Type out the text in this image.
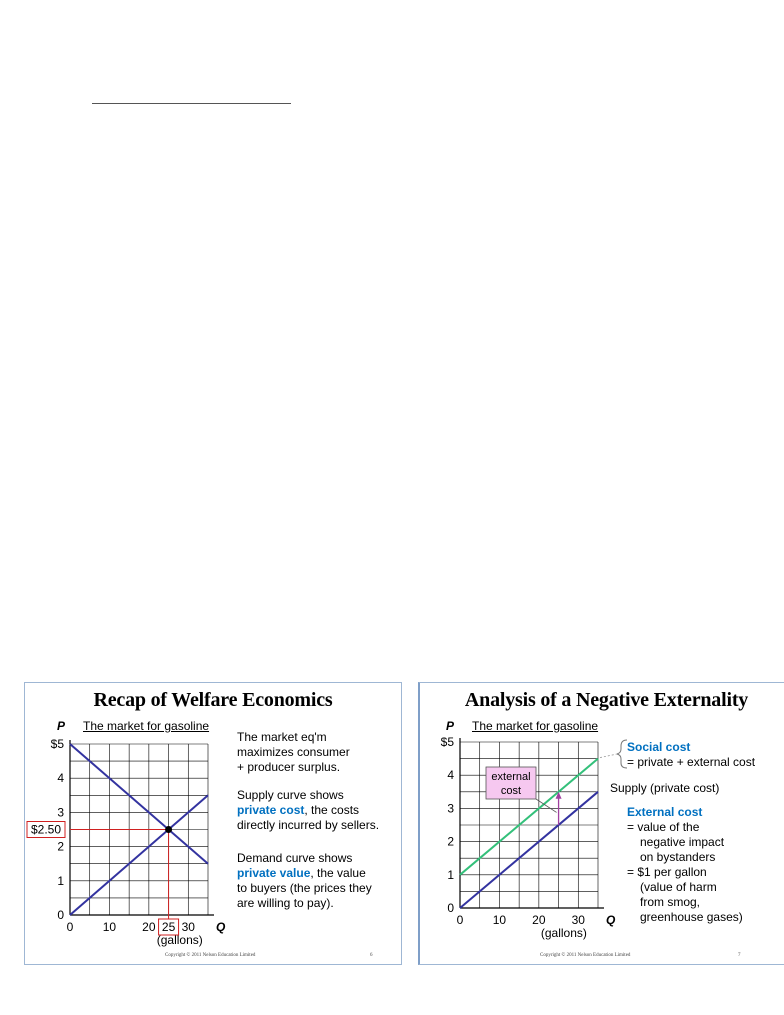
Recap of Welfare Economics
0
1
2
3
4
$5
0 10 20 30 Q
$2.50
25
(gallons)
P The market for gasoline
The market eq'm
maximizes consumer
+ producer surplus.
Supply curve shows
private cost, the costs
directly incurred by sellers.
Demand curve shows
private value, the value
to buyers (the prices they
are willing to pay).
Copyright © 2011 Nelson Education Limited	6
Analysis of a Negative Externality
0
1
2
3
4
$5
0 10 20 30 Q
external
cost
(gallons)
P The market for gasoline
Social cost
= private + external cost
Supply (private cost)
External cost
= value of the
negative impact
on bystanders
= $1 per gallon
(value of harm
from smog,
greenhouse gases)
Copyright © 2011 Nelson Education Limited	7
